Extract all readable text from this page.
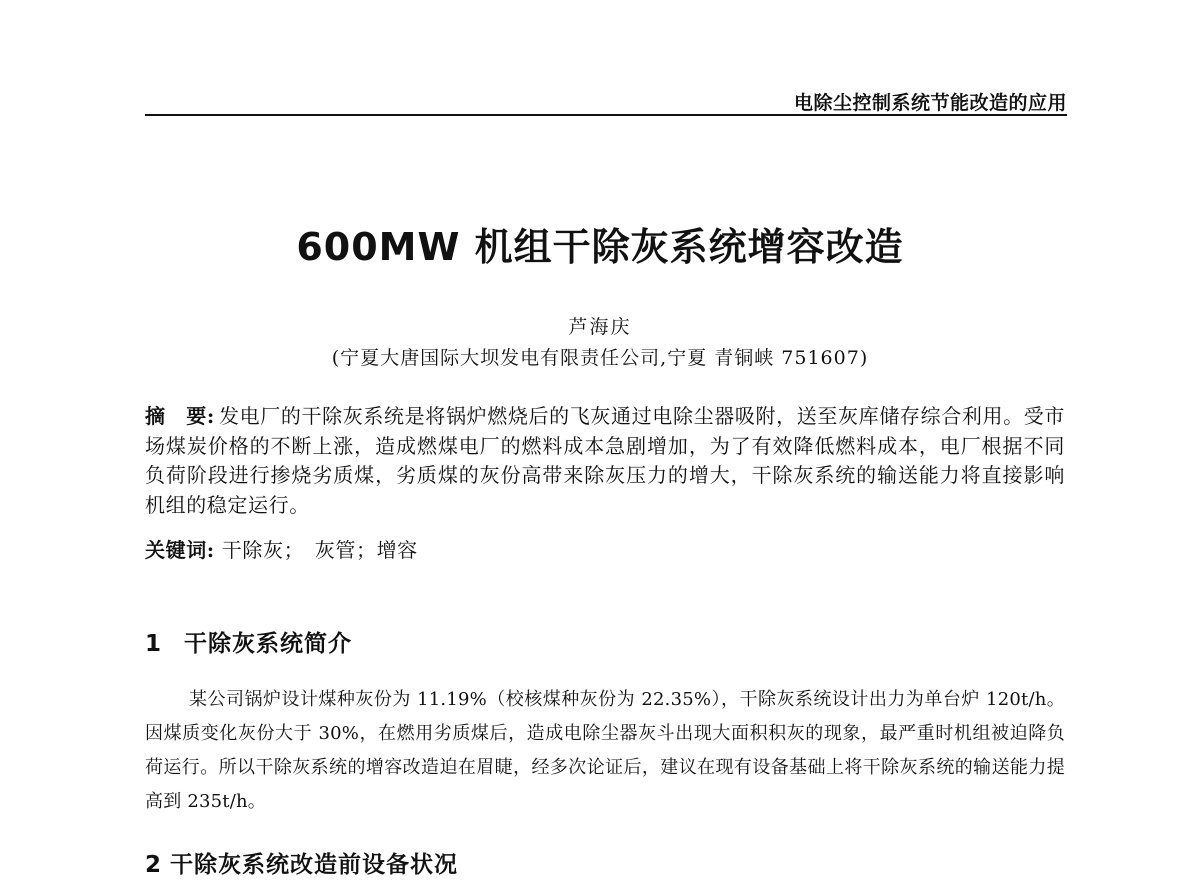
电除尘控制系统节能改造的应用
600MW 机组干除灰系统增容改造
芦海庆
(宁夏大唐国际大坝发电有限责任公司,宁夏 青铜峡 751607)
摘　要: 发电厂的干除灰系统是将锅炉燃烧后的飞灰通过电除尘器吸附，送至灰库储存综合利用。受市场煤炭价格的不断上涨，造成燃煤电厂的燃料成本急剧增加，为了有效降低燃料成本，电厂根据不同负荷阶段进行掺烧劣质煤，劣质煤的灰份高带来除灰压力的增大，干除灰系统的输送能力将直接影响机组的稳定运行。
关键词: 干除灰；　灰管；增容
1 干除灰系统简介
某公司锅炉设计煤种灰份为 11.19%（校核煤种灰份为 22.35%），干除灰系统设计出力为单台炉 120t/h。因煤质变化灰份大于 30%，在燃用劣质煤后，造成电除尘器灰斗出现大面积积灰的现象，最严重时机组被迫降负荷运行。所以干除灰系统的增容改造迫在眉睫，经多次论证后，建议在现有设备基础上将干除灰系统的输送能力提高到 235t/h。
2 干除灰系统改造前设备状况
